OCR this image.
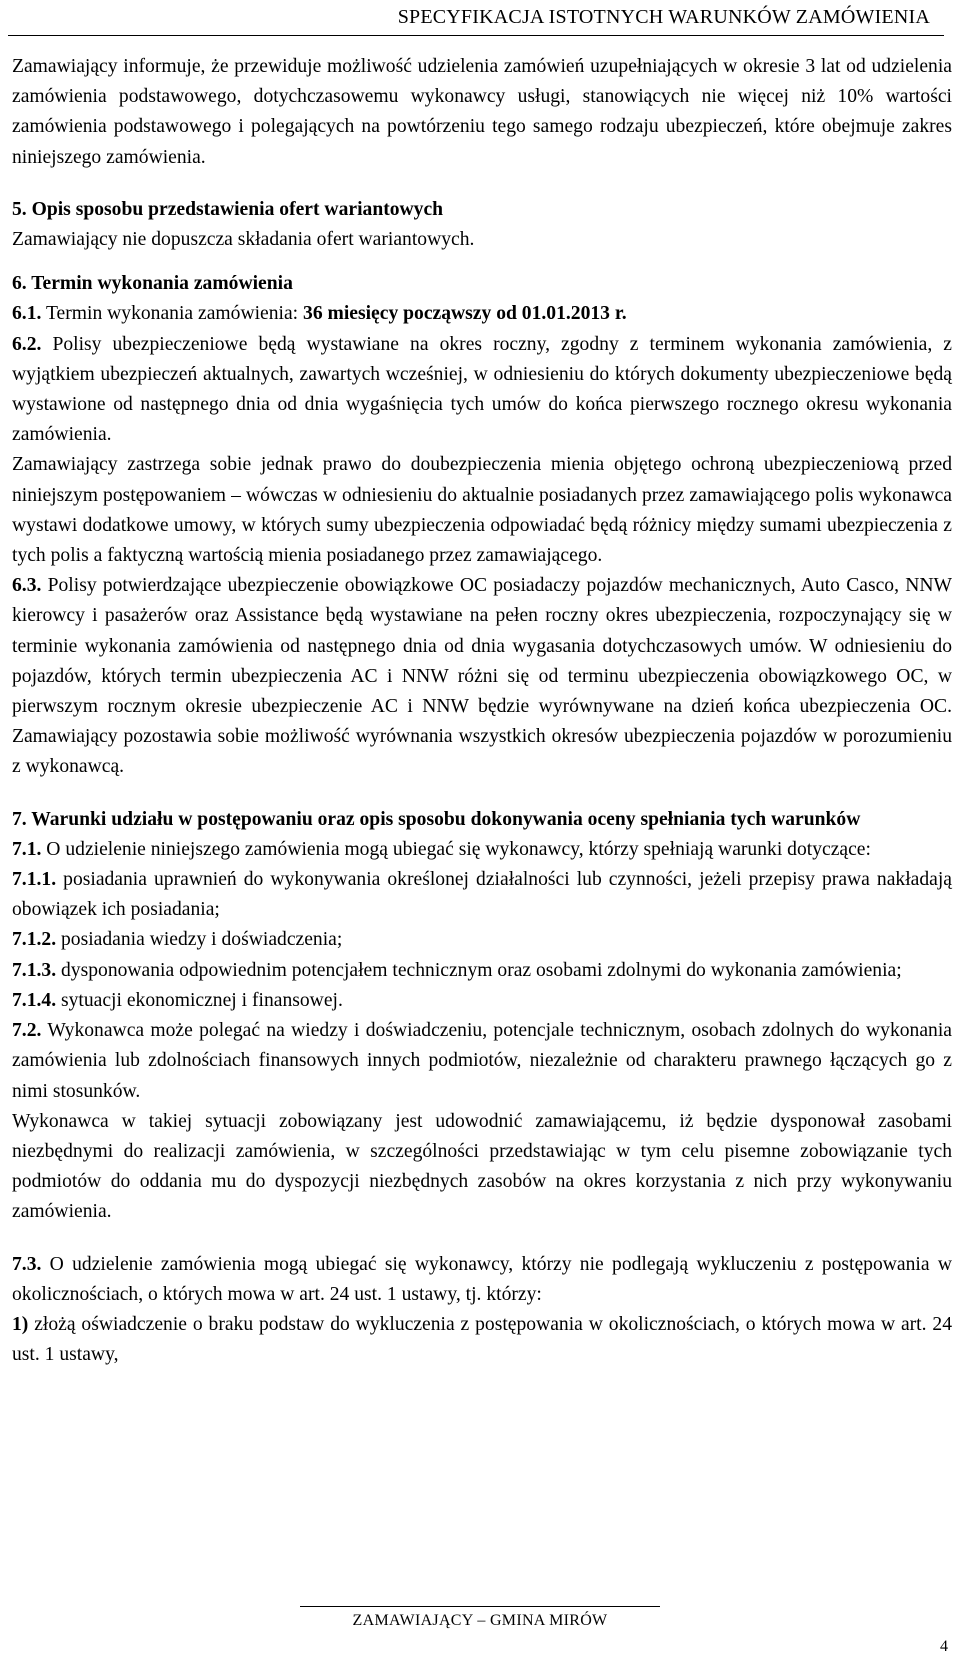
SPECYFIKACJA ISTOTNYCH WARUNKÓW ZAMÓWIENIA

Zamawiający informuje, że przewiduje możliwość udzielenia zamówień uzupełniających w okresie 3 lat od udzielenia zamówienia podstawowego, dotychczasowemu wykonawcy usługi, stanowiących nie więcej niż 10% wartości zamówienia podstawowego i polegających na powtórzeniu tego samego rodzaju ubezpieczeń, które obejmuje zakres niniejszego zamówienia.

5. Opis sposobu przedstawienia ofert wariantowych

Zamawiający nie dopuszcza składania ofert wariantowych.

6. Termin wykonania zamówienia

6.1. Termin wykonania zamówienia: 36 miesięcy począwszy od 01.01.2013 r.

6.2. Polisy ubezpieczeniowe będą wystawiane na okres roczny, zgodny z terminem wykonania zamówienia, z wyjątkiem ubezpieczeń aktualnych, zawartych wcześniej, w odniesieniu do których dokumenty ubezpieczeniowe będą wystawione od następnego dnia od dnia wygaśnięcia tych umów do końca pierwszego rocznego okresu wykonania zamówienia.

Zamawiający zastrzega sobie jednak prawo do doubezpieczenia mienia objętego ochroną ubezpieczeniową przed niniejszym postępowaniem – wówczas w odniesieniu do aktualnie posiadanych przez zamawiającego polis wykonawca wystawi dodatkowe umowy, w których sumy ubezpieczenia odpowiadać będą różnicy między sumami ubezpieczenia z tych polis a faktyczną wartością mienia posiadanego przez zamawiającego.

6.3. Polisy potwierdzające ubezpieczenie obowiązkowe OC posiadaczy pojazdów mechanicznych, Auto Casco, NNW kierowcy i pasażerów oraz Assistance będą wystawiane na pełen roczny okres ubezpieczenia, rozpoczynający się w terminie wykonania zamówienia od następnego dnia od dnia wygasania dotychczasowych umów. W odniesieniu do pojazdów, których termin ubezpieczenia AC i NNW różni się od terminu ubezpieczenia obowiązkowego OC, w pierwszym rocznym okresie ubezpieczenie AC i NNW będzie wyrównywane na dzień końca ubezpieczenia OC. Zamawiający pozostawia sobie możliwość wyrównania wszystkich okresów ubezpieczenia pojazdów w porozumieniu z wykonawcą.

7. Warunki udziału w postępowaniu oraz opis sposobu dokonywania oceny spełniania tych warunków

7.1. O udzielenie niniejszego zamówienia mogą ubiegać się wykonawcy, którzy spełniają warunki dotyczące:

7.1.1. posiadania uprawnień do wykonywania określonej działalności lub czynności, jeżeli przepisy prawa nakładają obowiązek ich posiadania;

7.1.2. posiadania wiedzy i doświadczenia;

7.1.3. dysponowania odpowiednim potencjałem technicznym oraz osobami zdolnymi do wykonania zamówienia;

7.1.4. sytuacji ekonomicznej i finansowej.

7.2. Wykonawca może polegać na wiedzy i doświadczeniu, potencjale technicznym, osobach zdolnych do wykonania zamówienia lub zdolnościach finansowych innych podmiotów, niezależnie od charakteru prawnego łączących go z nimi stosunków.

Wykonawca w takiej sytuacji zobowiązany jest udowodnić zamawiającemu, iż będzie dysponował zasobami niezbędnymi do realizacji zamówienia, w szczególności przedstawiając w tym celu pisemne zobowiązanie tych podmiotów do oddania mu do dyspozycji niezbędnych zasobów na okres korzystania z nich przy wykonywaniu zamówienia.

7.3. O udzielenie zamówienia mogą ubiegać się wykonawcy, którzy nie podlegają wykluczeniu z postępowania w okolicznościach, o których mowa w art. 24 ust. 1 ustawy, tj. którzy:

1) złożą oświadczenie o braku podstaw do wykluczenia z postępowania w okolicznościach, o których mowa w art. 24 ust. 1 ustawy,

ZAMAWIAJĄCY – GMINA MIRÓW
4
